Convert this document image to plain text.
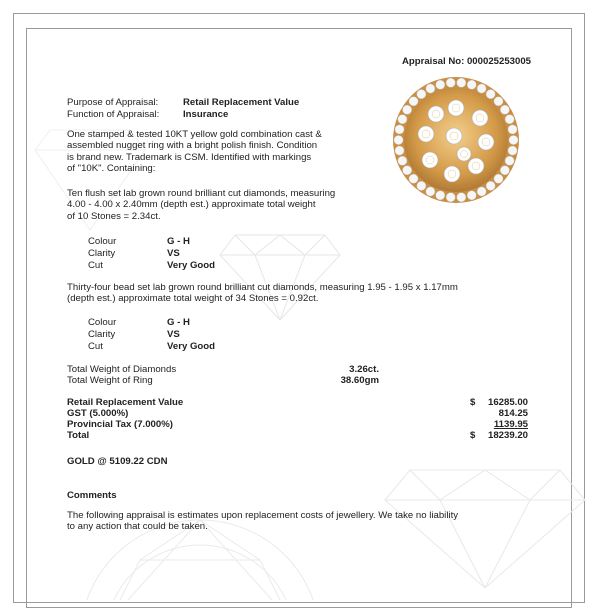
Appraisal No: 000025253005
Purpose of Appraisal:	Retail Replacement Value
Function of Appraisal: Insurance
One stamped & tested 10KT yellow gold combination cast &
assembled nugget ring with a bright polish finish. Condition
is brand new. Trademark is CSM. Identified with markings
of "10K". Containing:
Ten flush set lab grown round brilliant cut diamonds, measuring
4.00 - 4.00 x 2.40mm (depth est.) approximate total weight
of 10 Stones = 2.34ct.
Colour	G - H
Clarity	VS
Cut	Very Good
Thirty-four bead set lab grown round brilliant cut diamonds, measuring 1.95 - 1.95 x 1.17mm
(depth est.) approximate total weight of 34 Stones = 0.92ct.
Colour	G - H
Clarity	VS
Cut	Very Good
Total Weight of Diamonds	3.26ct.
Total Weight of Ring	38.60gm
Retail Replacement Value	$	16285.00
GST (5.000%)	814.25
Provincial Tax (7.000%)	1139.95
Total	$	18239.20
GOLD @ 5109.22 CDN
Comments
The following appraisal is estimates upon replacement costs of jewellery. We take no liability
to any action that could be taken.
